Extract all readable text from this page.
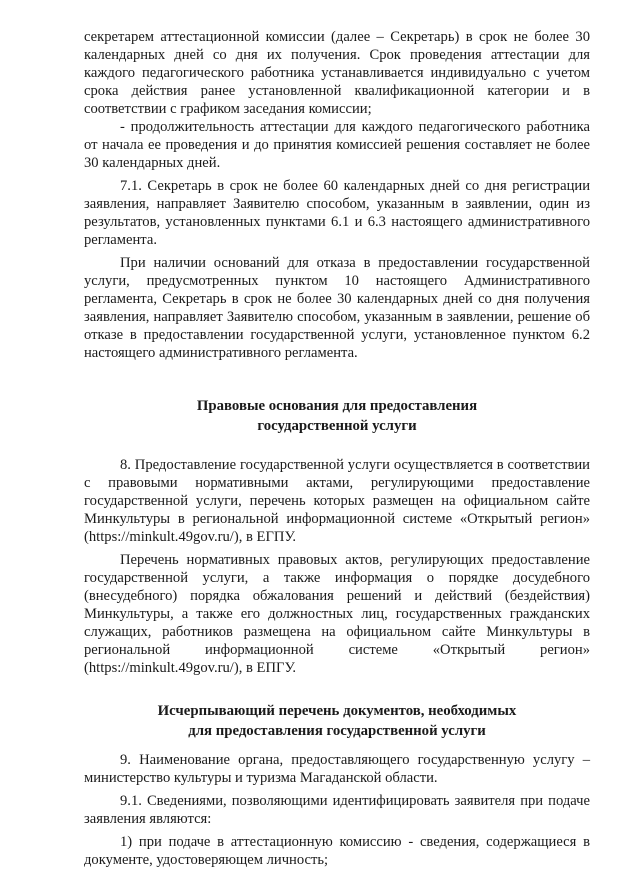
секретарем аттестационной комиссии (далее – Секретарь) в срок не более 30 календарных дней со дня их получения. Срок проведения аттестации для каждого педагогического работника устанавливается индивидуально с учетом срока действия ранее установленной квалификационной категории и в соответствии с графиком заседания комиссии;

- продолжительность аттестации для каждого педагогического работника от начала ее проведения и до принятия комиссией решения составляет не более 30 календарных дней.

7.1. Секретарь в срок не более 60 календарных дней со дня регистрации заявления, направляет Заявителю способом, указанным в заявлении, один из результатов, установленных пунктами 6.1 и 6.3 настоящего административного регламента.

При наличии оснований для отказа в предоставлении государственной услуги, предусмотренных пунктом 10 настоящего Административного регламента, Секретарь в срок не более 30 календарных дней со дня получения заявления, направляет Заявителю способом, указанным в заявлении, решение об отказе в предоставлении государственной услуги, установленное пунктом 6.2 настоящего административного регламента.

Правовые основания для предоставления
государственной услуги

8. Предоставление государственной услуги осуществляется в соответствии с правовыми нормативными актами, регулирующими предоставление государственной услуги, перечень которых размещен на официальном сайте Минкультуры в региональной информационной системе «Открытый регион» (https://minkult.49gov.ru/), в ЕГПУ.

Перечень нормативных правовых актов, регулирующих предоставление государственной услуги, а также информация о порядке досудебного (внесудебного) порядка обжалования решений и действий (бездействия) Минкультуры, а также его должностных лиц, государственных гражданских служащих, работников размещена на официальном сайте Минкультуры в региональной информационной системе «Открытый регион» (https://minkult.49gov.ru/), в ЕПГУ.

Исчерпывающий перечень документов, необходимых
для предоставления государственной услуги

9. Наименование органа, предоставляющего государственную услугу – министерство культуры и туризма Магаданской области.

9.1. Сведениями, позволяющими идентифицировать заявителя при подаче заявления являются:

1) при подаче в аттестационную комиссию - сведения, содержащиеся в документе, удостоверяющем личность;
